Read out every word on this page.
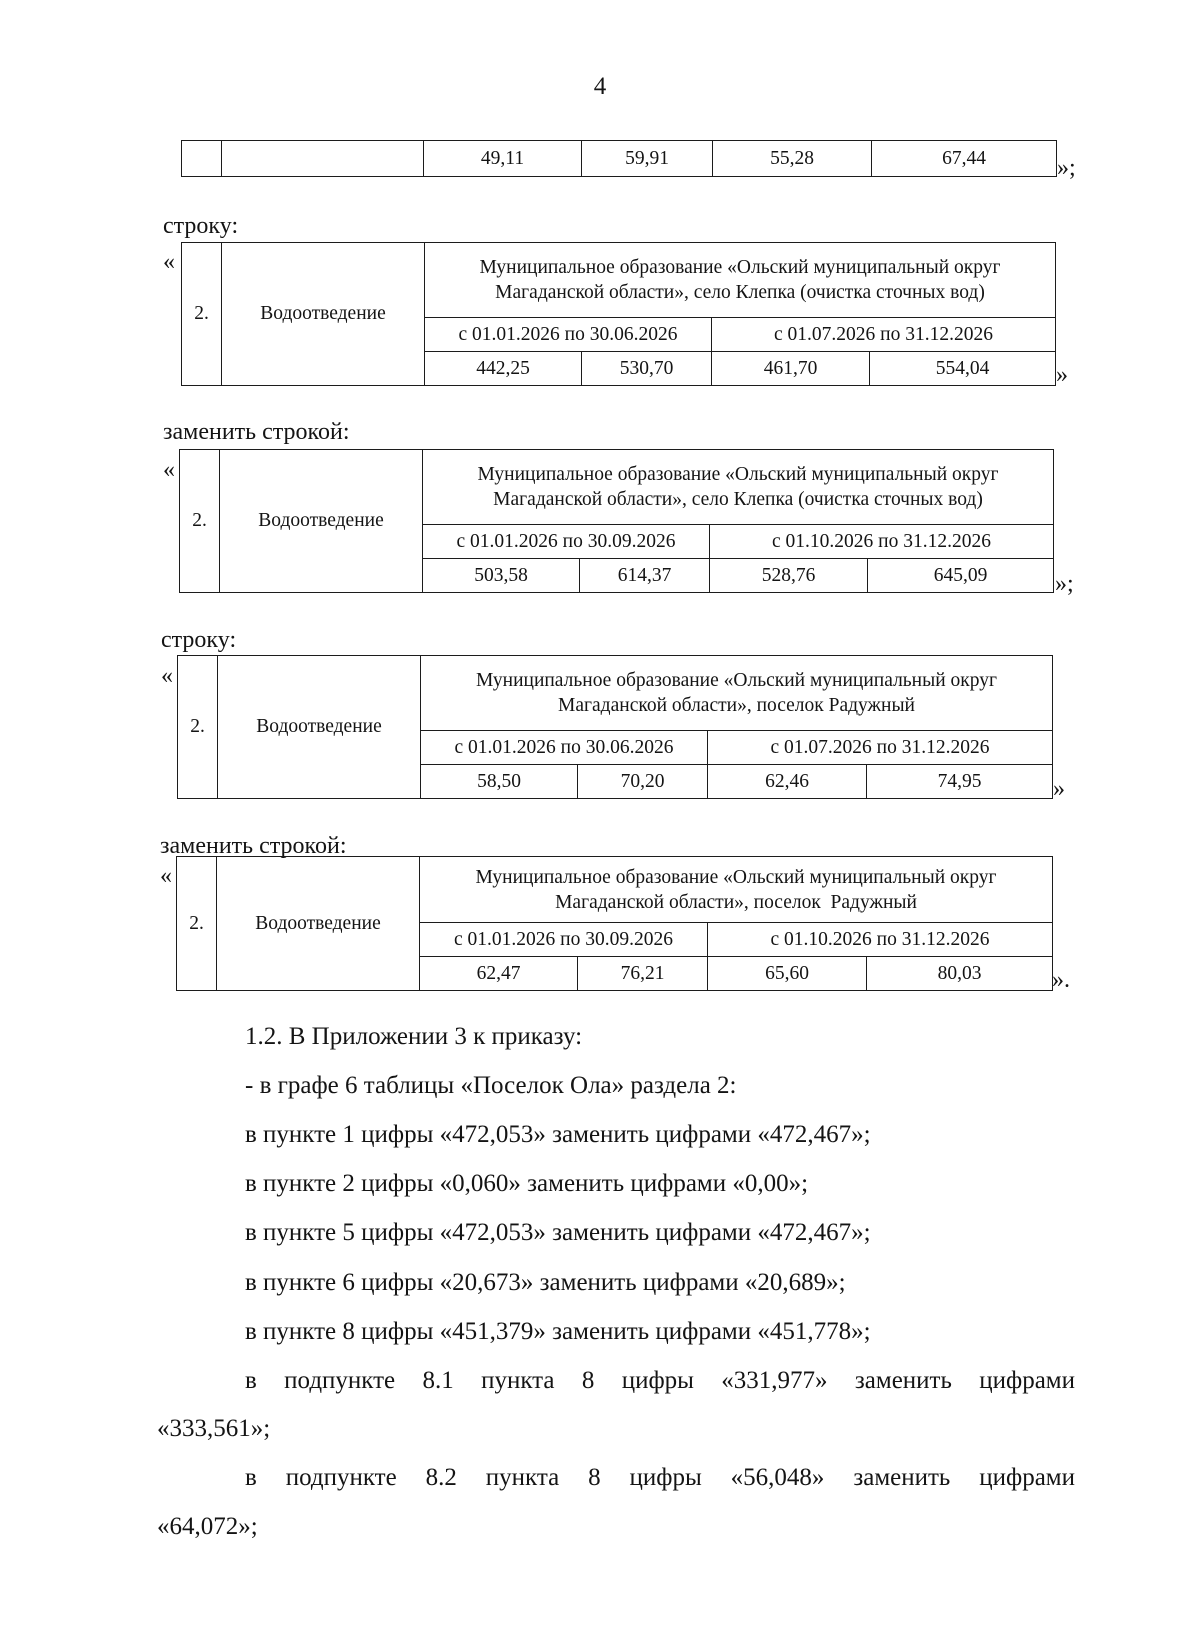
4
		49,11	59,91	55,28	67,44	»;
строку:
«
2.	Водоотведение	Муниципальное образование «Ольский муниципальный округ
Магаданской области», село Клепка (очистка сточных вод)			

		с 01.01.2026 по 30.06.2026		с 01.07.2026 по 31.12.2026	
		442,25	530,70	461,70	554,04	»
заменить строкой:
«
2.	Водоотведение	Муниципальное образование «Ольский муниципальный округ
Магаданской области», село Клепка (очистка сточных вод)			

		с 01.01.2026 по 30.09.2026		с 01.10.2026 по 31.12.2026	
		503,58	614,37	528,76	645,09	»;
строку:
«
2.	Водоотведение	Муниципальное образование «Ольский муниципальный округ
Магаданской области», поселок Радужный			

		с 01.01.2026 по 30.06.2026		с 01.07.2026 по 31.12.2026	
		58,50	70,20	62,46	74,95	»
заменить строкой:
«
2.	Водоотведение	Муниципальное образование «Ольский муниципальный округ
Магаданской области», поселок  Радужный			

		с 01.01.2026 по 30.09.2026		с 01.10.2026 по 31.12.2026	
		62,47	76,21	65,60	80,03	».
1.2. В Приложении 3 к приказу:
- в графе 6 таблицы «Поселок Ола» раздела 2:
в пункте 1 цифры «472,053» заменить цифрами «472,467»;
в пункте 2 цифры «0,060» заменить цифрами «0,00»;
в пункте 5 цифры «472,053» заменить цифрами «472,467»;
в пункте 6 цифры «20,673» заменить цифрами «20,689»;
в пункте 8 цифры «451,379» заменить цифрами «451,778»;
в подпункте 8.1 пункта 8 цифры «331,977» заменить цифрами
«333,561»;
в подпункте 8.2 пункта 8 цифры «56,048» заменить цифрами
«64,072»;
